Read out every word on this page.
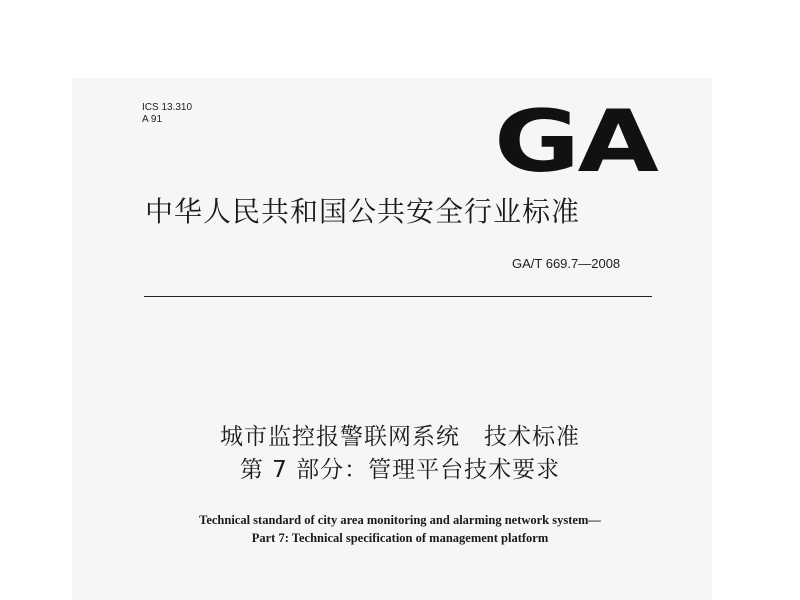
ICS 13.310
A 91	GA
中华人民共和国公共安全行业标准
GA/T 669.7—2008
城市监控报警联网系统　技术标准
第 7 部分：管理平台技术要求
Technical standard of city area monitoring and alarming network system—
Part 7: Technical specification of management platform
